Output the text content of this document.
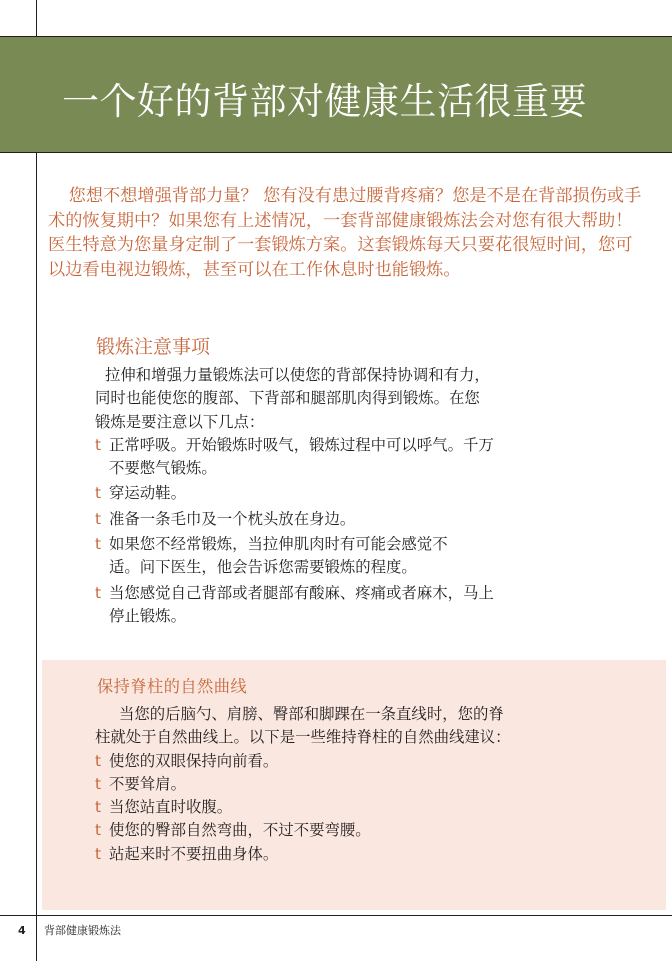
一个好的背部对健康生活很重要

您想不想增强背部力量？ 您有没有患过腰背疼痛？您是不是在背部损伤或手术的恢复期中？如果您有上述情况，一套背部健康锻炼法会对您有很大帮助！医生特意为您量身定制了一套锻炼方案。这套锻炼每天只要花很短时间，您可以边看电视边锻炼，甚至可以在工作休息时也能锻炼。

锻炼注意事项
拉伸和增强力量锻炼法可以使您的背部保持协调和有力，
同时也能使您的腹部、下背部和腿部肌肉得到锻炼。在您
锻炼是要注意以下几点：
t 正常呼吸。开始锻炼时吸气，锻炼过程中可以呼气。千万
不要憋气锻炼。
t 穿运动鞋。
t 准备一条毛巾及一个枕头放在身边。
t 如果您不经常锻炼，当拉伸肌肉时有可能会感觉不
适。问下医生，他会告诉您需要锻炼的程度。
t 当您感觉自己背部或者腿部有酸麻、疼痛或者麻木，马上
停止锻炼。
保持脊柱的自然曲线
当您的后脑勺、肩膀、臀部和脚踝在一条直线时，您的脊
柱就处于自然曲线上。以下是一些维持脊柱的自然曲线建议：
t 使您的双眼保持向前看。
t 不要耸肩。
t 当您站直时收腹。
t 使您的臀部自然弯曲，不过不要弯腰。
t 站起来时不要扭曲身体。
4 背部健康锻炼法
